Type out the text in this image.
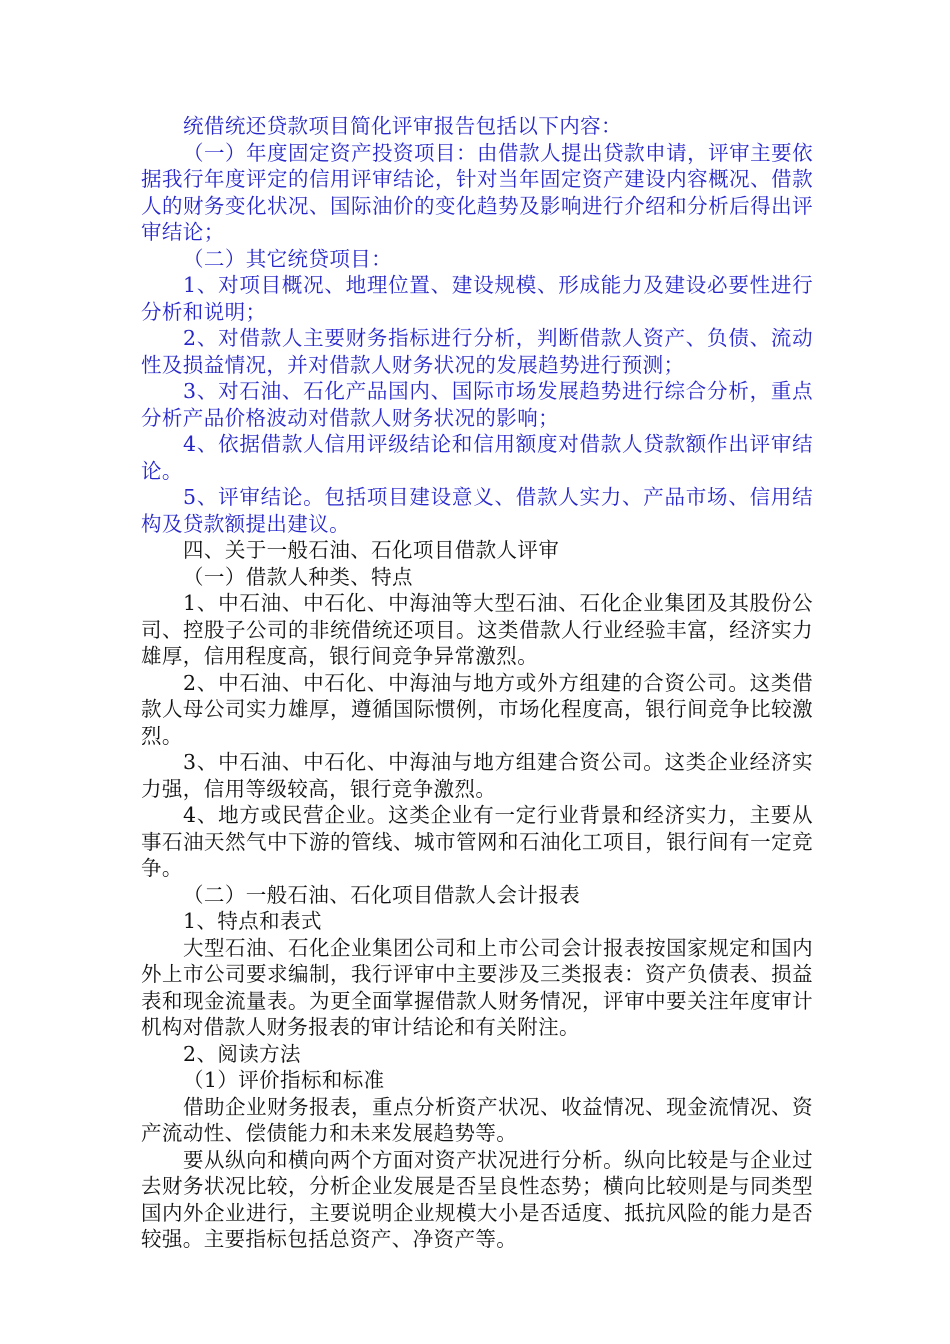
统借统还贷款项目简化评审报告包括以下内容：

（一）年度固定资产投资项目：由借款人提出贷款申请，评审主要依据我行年度评定的信用评审结论，针对当年固定资产建设内容概况、借款人的财务变化状况、国际油价的变化趋势及影响进行介绍和分析后得出评审结论；

（二）其它统贷项目：

1、对项目概况、地理位置、建设规模、形成能力及建设必要性进行分析和说明；

2、对借款人主要财务指标进行分析，判断借款人资产、负债、流动性及损益情况，并对借款人财务状况的发展趋势进行预测；

3、对石油、石化产品国内、国际市场发展趋势进行综合分析，重点分析产品价格波动对借款人财务状况的影响；

4、依据借款人信用评级结论和信用额度对借款人贷款额作出评审结论。

5、评审结论。包括项目建设意义、借款人实力、产品市场、信用结构及贷款额提出建议。

四、关于一般石油、石化项目借款人评审

（一）借款人种类、特点

1、中石油、中石化、中海油等大型石油、石化企业集团及其股份公司、控股子公司的非统借统还项目。这类借款人行业经验丰富，经济实力雄厚，信用程度高，银行间竞争异常激烈。

2、中石油、中石化、中海油与地方或外方组建的合资公司。这类借款人母公司实力雄厚，遵循国际惯例，市场化程度高，银行间竞争比较激烈。

3、中石油、中石化、中海油与地方组建合资公司。这类企业经济实力强，信用等级较高，银行竞争激烈。

4、地方或民营企业。这类企业有一定行业背景和经济实力，主要从事石油天然气中下游的管线、城市管网和石油化工项目，银行间有一定竞争。

（二）一般石油、石化项目借款人会计报表

1、特点和表式

大型石油、石化企业集团公司和上市公司会计报表按国家规定和国内外上市公司要求编制，我行评审中主要涉及三类报表：资产负债表、损益表和现金流量表。为更全面掌握借款人财务情况，评审中要关注年度审计机构对借款人财务报表的审计结论和有关附注。

2、阅读方法

（1）评价指标和标准

借助企业财务报表，重点分析资产状况、收益情况、现金流情况、资产流动性、偿债能力和未来发展趋势等。

要从纵向和横向两个方面对资产状况进行分析。纵向比较是与企业过去财务状况比较，分析企业发展是否呈良性态势；横向比较则是与同类型国内外企业进行，主要说明企业规模大小是否适度、抵抗风险的能力是否较强。主要指标包括总资产、净资产等。
